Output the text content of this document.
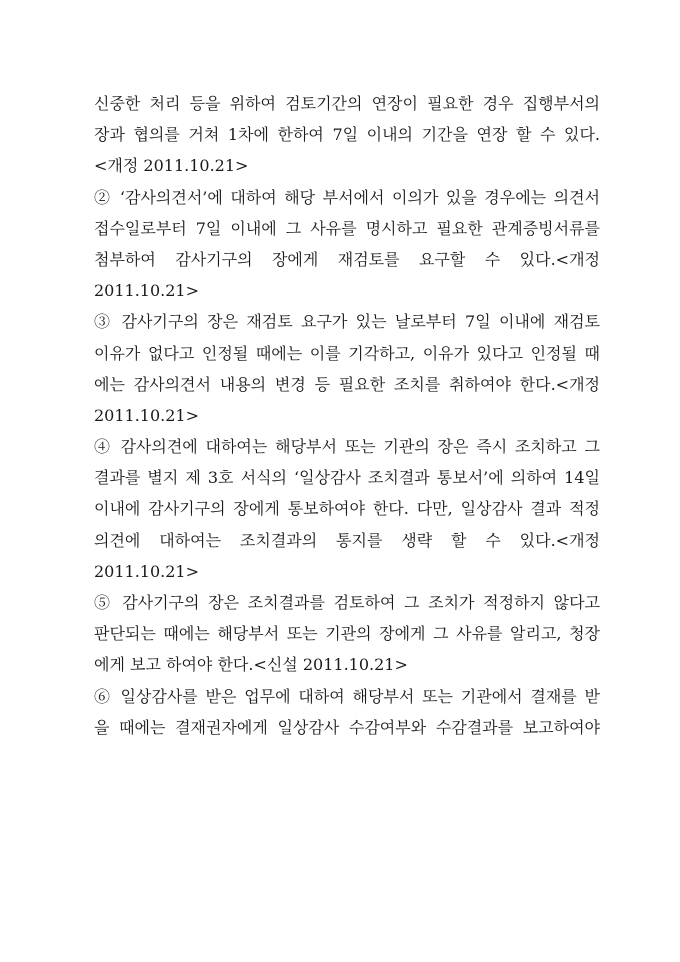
신중한 처리 등을 위하여 검토기간의 연장이 필요한 경우 집행부서의
장과 협의를 거쳐 1차에 한하여 7일 이내의 기간을 연장 할 수 있다.
<개정 2011.10.21>
② ‘감사의견서’에 대하여 해당 부서에서 이의가 있을 경우에는 의견서
접수일로부터 7일 이내에 그 사유를 명시하고 필요한 관계증빙서류를
첨부하여 감사기구의 장에게 재검토를 요구할 수 있다.<개정
2011.10.21>
③ 감사기구의 장은 재검토 요구가 있는 날로부터 7일 이내에 재검토
이유가 없다고 인정될 때에는 이를 기각하고, 이유가 있다고 인정될 때
에는 감사의견서 내용의 변경 등 필요한 조치를 취하여야 한다.<개정
2011.10.21>
④ 감사의견에 대하여는 해당부서 또는 기관의 장은 즉시 조치하고 그
결과를 별지 제 3호 서식의 ‘일상감사 조치결과 통보서’에 의하여 14일
이내에 감사기구의 장에게 통보하여야 한다. 다만, 일상감사 결과 적정
의견에 대하여는 조치결과의 통지를 생략 할 수 있다.<개정
2011.10.21>
⑤ 감사기구의 장은 조치결과를 검토하여 그 조치가 적정하지 않다고
판단되는 때에는 해당부서 또는 기관의 장에게 그 사유를 알리고, 청장
에게 보고 하여야 한다.<신설 2011.10.21>
⑥ 일상감사를 받은 업무에 대하여 해당부서 또는 기관에서 결재를 받
을 때에는 결재권자에게 일상감사 수감여부와 수감결과를 보고하여야
